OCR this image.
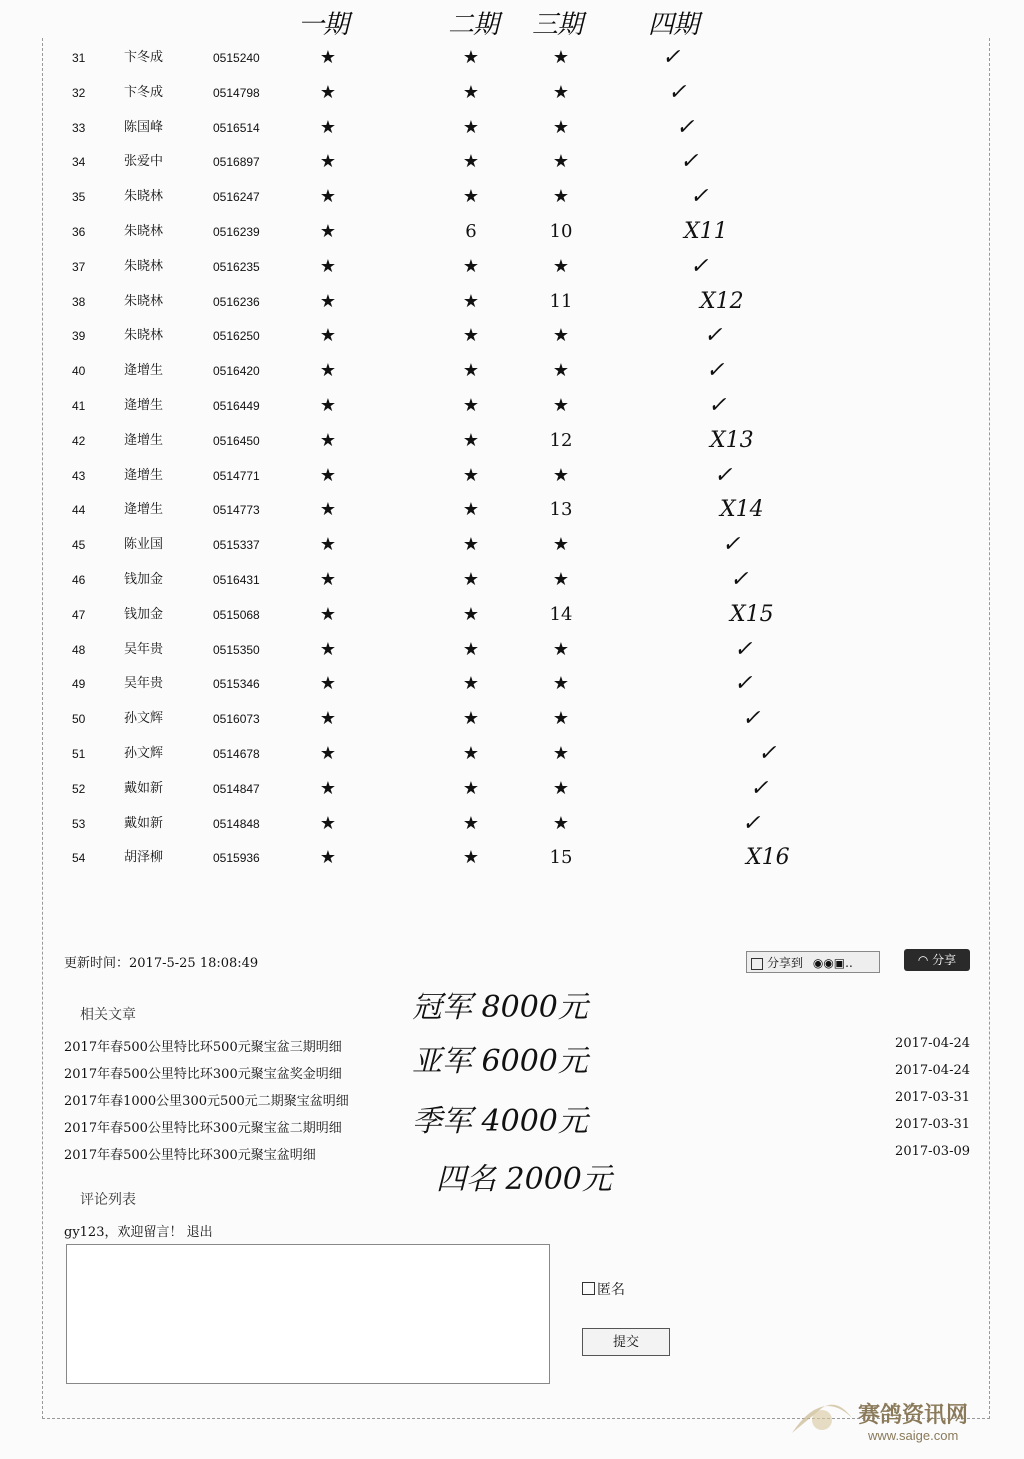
一期	二期 三期	四期
31	卞冬成	0515240	★	★	★	✓
32	卞冬成	0514798	★	★	★	✓
33	陈国峰	0516514	★	★	★	✓
34	张爱中	0516897	★	★	★	✓
35	朱晓林	0516247	★	★	★	✓
36	朱晓林	0516239	★	6	10	X11
37	朱晓林	0516235	★	★	★	✓
38	朱晓林	0516236	★	★	11	X12
39	朱晓林	0516250	★	★	★	✓
40	逄增生	0516420	★	★	★	✓
41	逄增生	0516449	★	★	★	✓
42	逄增生	0516450	★	★	12	X13
43	逄增生	0514771	★	★	★	✓
44	逄增生	0514773	★	★	13	X14
45	陈业国	0515337	★	★	★	✓
46	钱加金	0516431	★	★	★	✓
47	钱加金	0515068	★	★	14	X15
48	吴年贵	0515350	★	★	★	✓
49	吴年贵	0515346	★	★	★	✓
50	孙文辉	0516073	★	★	★	✓
51	孙文辉	0514678	★	★	★	✓
52	戴如新	0514847	★	★	★	✓
53	戴如新	0514848	★	★	★	✓
54	胡泽柳	0515936	★	★	15	X16
更新时间：2017-5-25 18:08:49	分享到 ◉◉▣..	◠ 分享
相关文章
2017年春500公里特比环500元聚宝盆三期明细	2017-04-24
2017年春500公里特比环300元聚宝盆奖金明细	2017-04-24
2017年春1000公里300元500元二期聚宝盆明细	2017-03-31
2017年春500公里特比环300元聚宝盆二期明细	2017-03-31
2017年春500公里特比环300元聚宝盆明细	2017-03-09
冠军 8000元
亚军 6000元
季军 4000元
四名 2000元
评论列表
gy123，欢迎留言！ 退出
匿名
提交
赛鸽资讯网
www.saige.com
